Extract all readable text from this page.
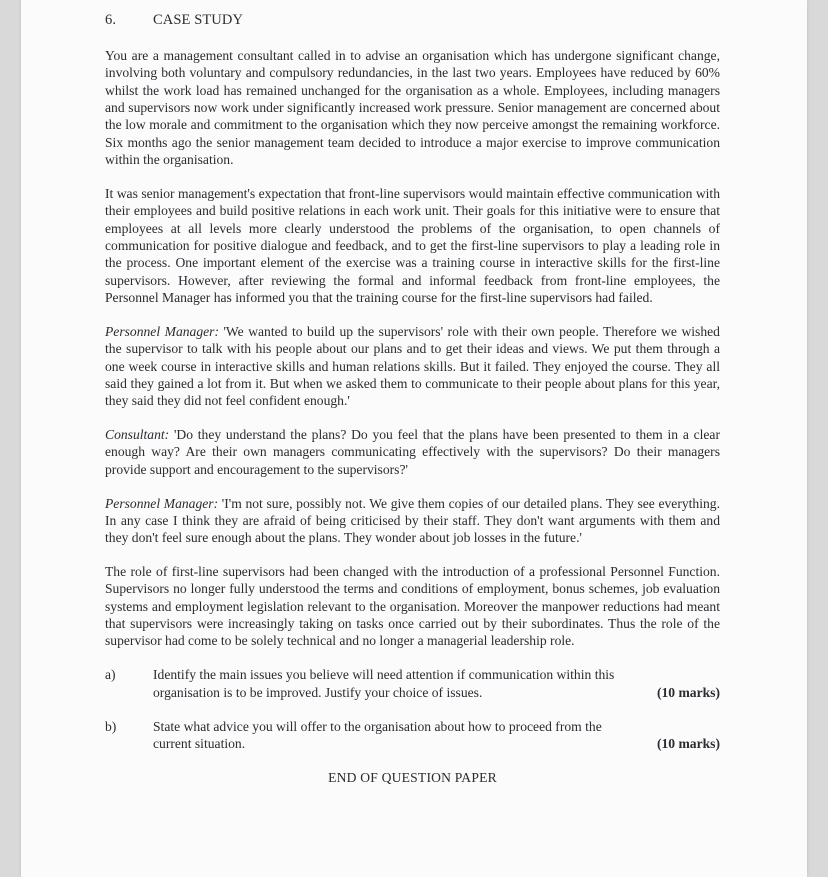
6.	CASE STUDY

You are a management consultant called in to advise an organisation which has undergone significant change, involving both voluntary and compulsory redundancies, in the last two years. Employees have reduced by 60% whilst the work load has remained unchanged for the organisation as a whole. Employees, including managers and supervisors now work under significantly increased work pressure. Senior management are concerned about the low morale and commitment to the organisation which they now perceive amongst the remaining workforce. Six months ago the senior management team decided to introduce a major exercise to improve communication within the organisation.

It was senior management's expectation that front-line supervisors would maintain effective communication with their employees and build positive relations in each work unit. Their goals for this initiative were to ensure that employees at all levels more clearly understood the problems of the organisation, to open channels of communication for positive dialogue and feedback, and to get the first-line supervisors to play a leading role in the process. One important element of the exercise was a training course in interactive skills for the first-line supervisors. However, after reviewing the formal and informal feedback from front-line employees, the Personnel Manager has informed you that the training course for the first-line supervisors had failed.

Personnel Manager: 'We wanted to build up the supervisors' role with their own people. Therefore we wished the supervisor to talk with his people about our plans and to get their ideas and views. We put them through a one week course in interactive skills and human relations skills. But it failed. They enjoyed the course. They all said they gained a lot from it. But when we asked them to communicate to their people about plans for this year, they said they did not feel confident enough.'

Consultant: 'Do they understand the plans? Do you feel that the plans have been presented to them in a clear enough way? Are their own managers communicating effectively with the supervisors? Do their managers provide support and encouragement to the supervisors?'

Personnel Manager: 'I'm not sure, possibly not. We give them copies of our detailed plans. They see everything. In any case I think they are afraid of being criticised by their staff. They don't want arguments with them and they don't feel sure enough about the plans. They wonder about job losses in the future.'

The role of first-line supervisors had been changed with the introduction of a professional Personnel Function. Supervisors no longer fully understood the terms and conditions of employment, bonus schemes, job evaluation systems and employment legislation relevant to the organisation. Moreover the manpower reductions had meant that supervisors were increasingly taking on tasks once carried out by their subordinates. Thus the role of the supervisor had come to be solely technical and no longer a managerial leadership role.

a)	Identify the main issues you believe will need attention if communication within this
organisation is to be improved. Justify your choice of issues.	(10 marks)
b)	State what advice you will offer to the organisation about how to proceed from the
current situation.	(10 marks)
END OF QUESTION PAPER
